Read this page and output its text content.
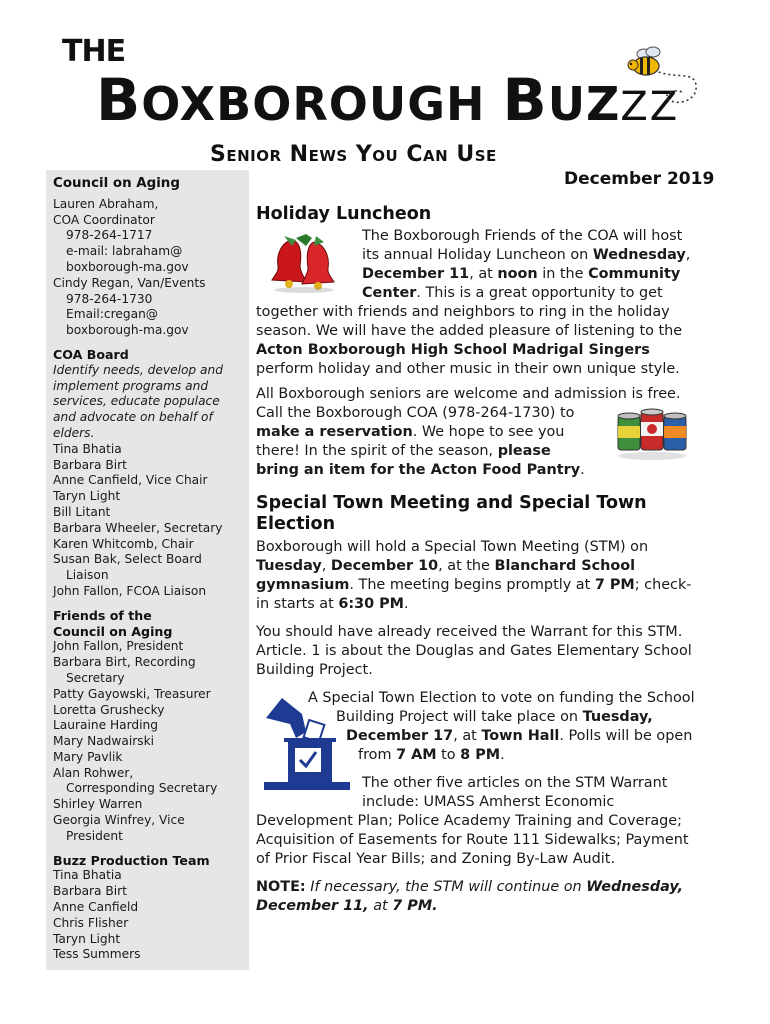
THE
BOXBOROUGH BUZZZ
Senior News You Can Use
Council on Aging
Lauren Abraham,
COA Coordinator
978-264-1717
e-mail: labraham@
boxborough-ma.gov
Cindy Regan, Van/Events
978-264-1730
Email:cregan@
boxborough-ma.gov
COA Board
Identify needs, develop and
implement programs and
services, educate populace
and advocate on behalf of
elders.
Tina Bhatia
Barbara Birt
Anne Canfield, Vice Chair
Taryn Light
Bill Litant
Barbara Wheeler, Secretary
Karen Whitcomb, Chair
Susan Bak, Select Board
Liaison
John Fallon, FCOA Liaison
Friends of the
Council on Aging
John Fallon, President
Barbara Birt, Recording
Secretary
Patty Gayowski, Treasurer
Loretta Grushecky
Lauraine Harding
Mary Nadwairski
Mary Pavlik
Alan Rohwer,
Corresponding Secretary
Shirley Warren
Georgia Winfrey, Vice
President
Buzz Production Team
Tina Bhatia
Barbara Birt
Anne Canfield
Chris Flisher
Taryn Light
Tess Summers
December 2019
Holiday Luncheon
The Boxborough Friends of the COA will host
its annual Holiday Luncheon on Wednesday,
December 11, at noon in the Community
Center. This is a great opportunity to get
together with friends and neighbors to ring in the holiday
season. We will have the added pleasure of listening to the
Acton Boxborough High School Madrigal Singers
perform holiday and other music in their own unique style.
All Boxborough seniors are welcome and admission is free.
Call the Boxborough COA (978-264-1730) to
make a reservation. We hope to see you
there! In the spirit of the season, please
bring an item for the Acton Food Pantry.
Special Town Meeting and Special Town
Election
Boxborough will hold a Special Town Meeting (STM) on
Tuesday, December 10, at the Blanchard School
gymnasium. The meeting begins promptly at 7 PM; check-
in starts at 6:30 PM.
You should have already received the Warrant for this STM.
Article. 1 is about the Douglas and Gates Elementary School
Building Project.
A Special Town Election to vote on funding the School
Building Project will take place on Tuesday,
December 17, at Town Hall. Polls will be open
from 7 AM to 8 PM.
The other five articles on the STM Warrant
include: UMASS Amherst Economic
Development Plan; Police Academy Training and Coverage;
Acquisition of Easements for Route 111 Sidewalks; Payment
of Prior Fiscal Year Bills; and Zoning By-Law Audit.
NOTE: If necessary, the STM will continue on Wednesday,
December 11, at 7 PM.
